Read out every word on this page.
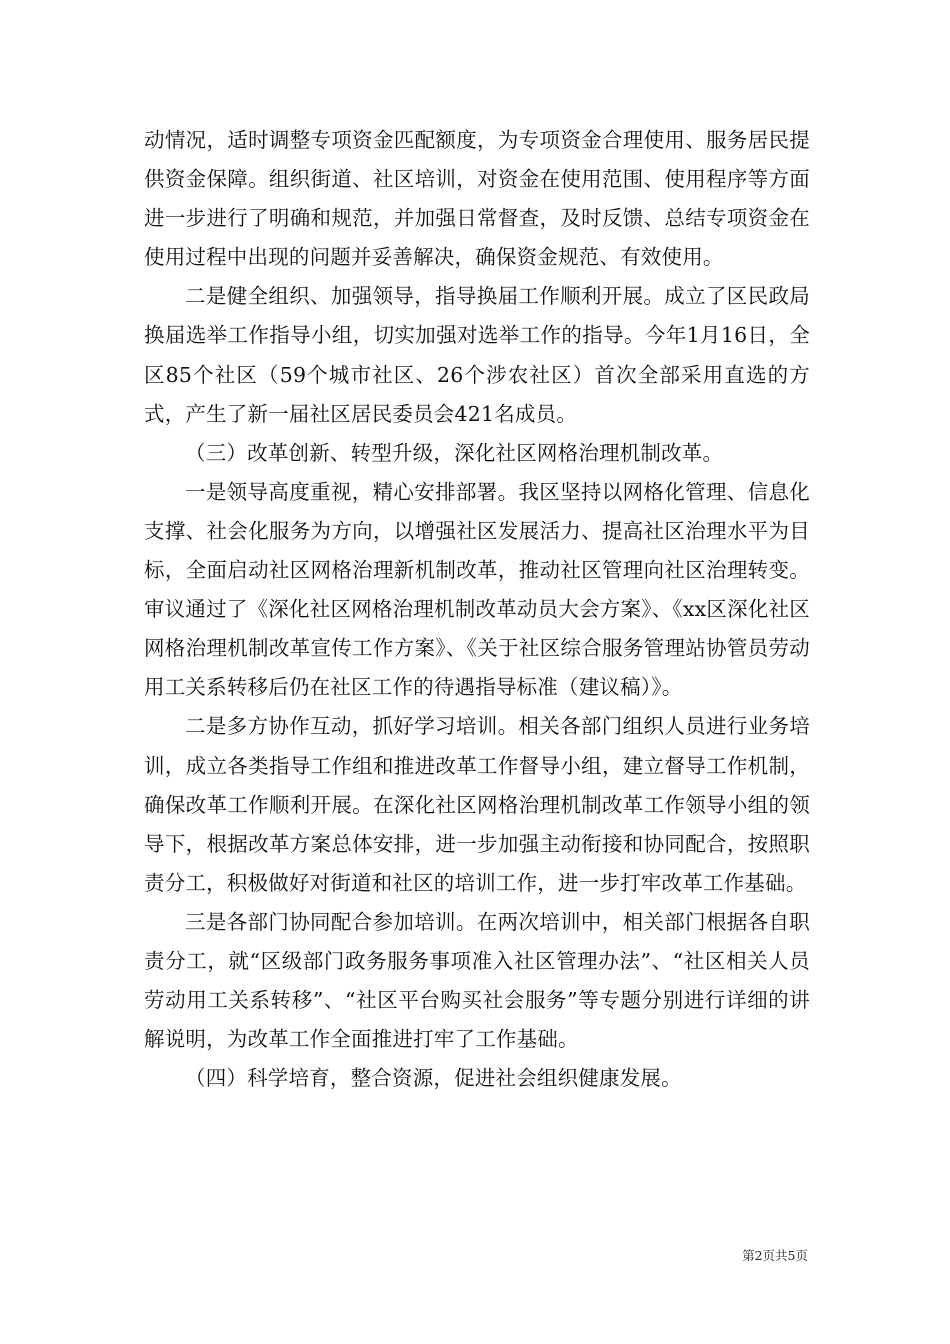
动情况，适时调整专项资金匹配额度，为专项资金合理使用、服务居民提供资金保障。组织街道、社区培训，对资金在使用范围、使用程序等方面进一步进行了明确和规范，并加强日常督查，及时反馈、总结专项资金在使用过程中出现的问题并妥善解决，确保资金规范、有效使用。

二是健全组织、加强领导，指导换届工作顺利开展。成立了区民政局换届选举工作指导小组，切实加强对选举工作的指导。今年1月16日，全区85个社区（59个城市社区、26个涉农社区）首次全部采用直选的方式，产生了新一届社区居民委员会421名成员。

（三）改革创新、转型升级，深化社区网格治理机制改革。

一是领导高度重视，精心安排部署。我区坚持以网格化管理、信息化支撑、社会化服务为方向，以增强社区发展活力、提高社区治理水平为目标，全面启动社区网格治理新机制改革，推动社区管理向社区治理转变。审议通过了《深化社区网格治理机制改革动员大会方案》、《xx区深化社区网格治理机制改革宣传工作方案》、《关于社区综合服务管理站协管员劳动用工关系转移后仍在社区工作的待遇指导标准（建议稿）》。

二是多方协作互动，抓好学习培训。相关各部门组织人员进行业务培训，成立各类指导工作组和推进改革工作督导小组，建立督导工作机制，确保改革工作顺利开展。在深化社区网格治理机制改革工作领导小组的领导下，根据改革方案总体安排，进一步加强主动衔接和协同配合，按照职责分工，积极做好对街道和社区的培训工作，进一步打牢改革工作基础。

三是各部门协同配合参加培训。在两次培训中，相关部门根据各自职责分工，就“区级部门政务服务事项准入社区管理办法”、“社区相关人员劳动用工关系转移”、“社区平台购买社会服务”等专题分别进行详细的讲解说明，为改革工作全面推进打牢了工作基础。

（四）科学培育，整合资源，促进社会组织健康发展。

第2页共5页
